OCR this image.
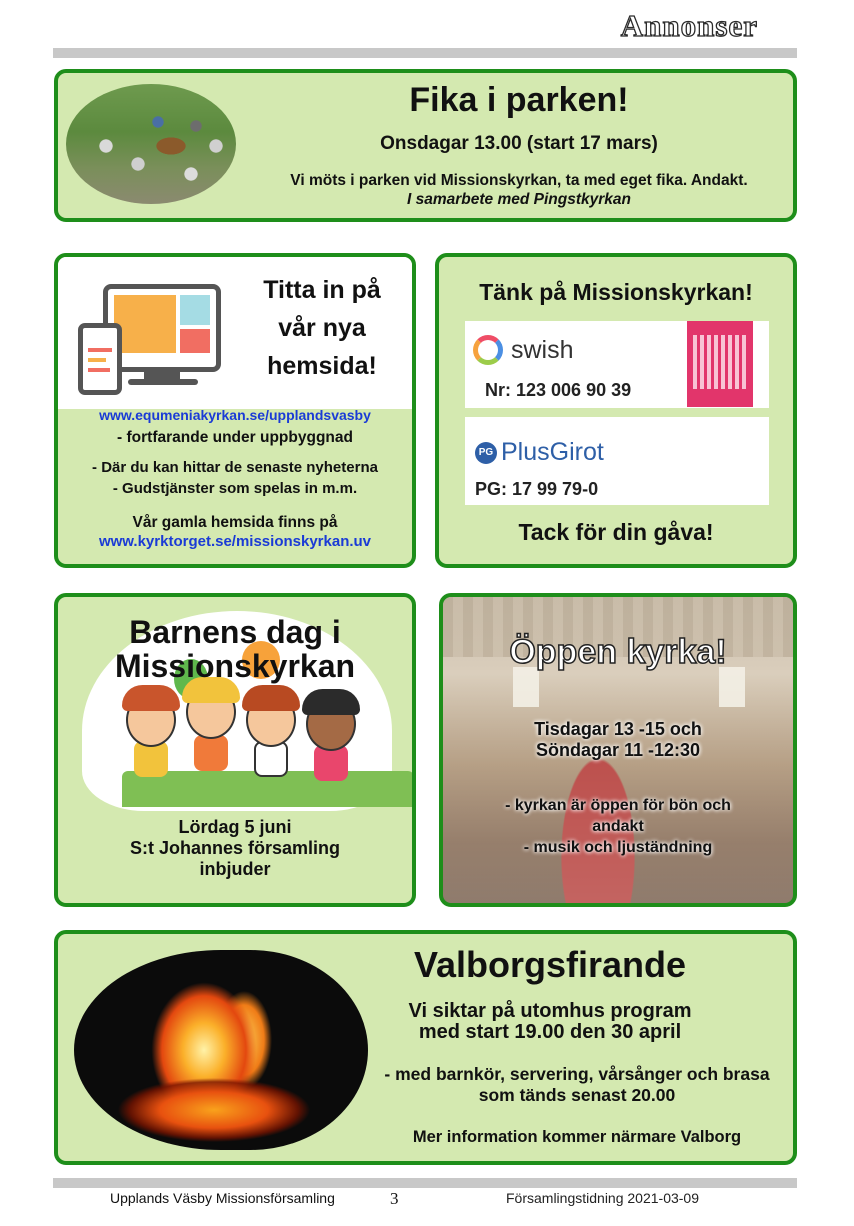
Annonser
Fika i parken!
Onsdagar 13.00 (start 17 mars)
Vi möts i parken vid Missionskyrkan, ta med eget fika. Andakt.
I samarbete med Pingstkyrkan
Titta in på
vår nya
hemsida!
www.equmeniakyrkan.se/upplandsvasby
- fortfarande under uppbyggnad
- Där du kan hittar de senaste nyheterna
- Gudstjänster som spelas in m.m.
Vår gamla hemsida finns på
www.kyrktorget.se/missionskyrkan.uv
Tänk på Missionskyrkan!
swish
Nr: 123 006 90 39
PG PlusGirot
PG: 17 99 79-0
Tack för din gåva!
Barnens dag i
Missionskyrkan
Lördag 5 juni
S:t Johannes församling
inbjuder
Öppen kyrka!
Tisdagar 13 -15 och
Söndagar 11 -12:30
- kyrkan är öppen för bön och
andakt
- musik och ljuständning
Valborgsfirande
Vi siktar på utomhus program
med start 19.00 den 30 april
- med barnkör, servering, vårsånger och brasa
som tänds senast 20.00
Mer information kommer närmare Valborg
Upplands Väsby Missionsförsamling	3	Församlingstidning 2021-03-09
